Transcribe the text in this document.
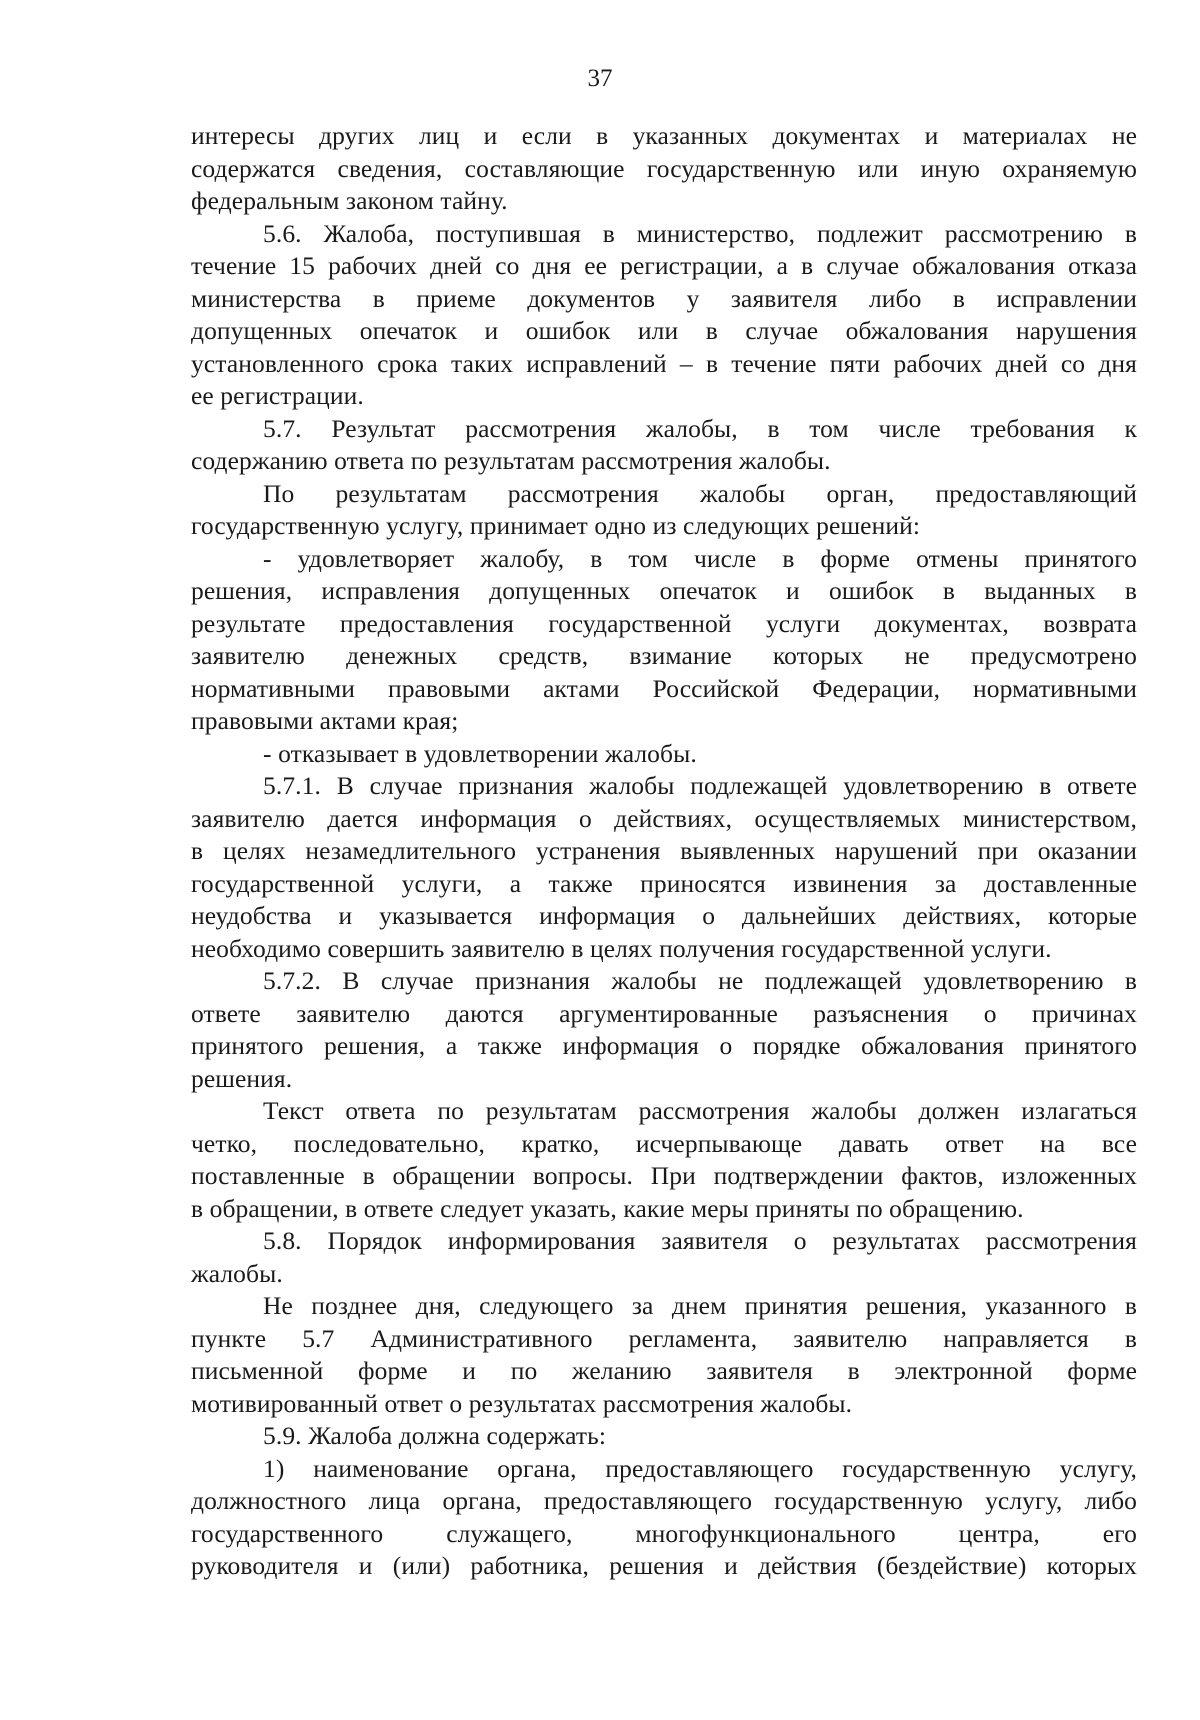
37
интересы других лиц и если в указанных документах и материалах не
содержатся сведения, составляющие государственную или иную охраняемую
федеральным законом тайну.
5.6. Жалоба, поступившая в министерство, подлежит рассмотрению в
течение 15 рабочих дней со дня ее регистрации, а в случае обжалования отказа
министерства в приеме документов у заявителя либо в исправлении
допущенных опечаток и ошибок или в случае обжалования нарушения
установленного срока таких исправлений – в течение пяти рабочих дней со дня
ее регистрации.
5.7. Результат рассмотрения жалобы, в том числе требования к
содержанию ответа по результатам рассмотрения жалобы.
По результатам рассмотрения жалобы орган, предоставляющий
государственную услугу, принимает одно из следующих решений:
- удовлетворяет жалобу, в том числе в форме отмены принятого
решения, исправления допущенных опечаток и ошибок в выданных в
результате предоставления государственной услуги документах, возврата
заявителю денежных средств, взимание которых не предусмотрено
нормативными правовыми актами Российской Федерации, нормативными
правовыми актами края;
- отказывает в удовлетворении жалобы.
5.7.1. В случае признания жалобы подлежащей удовлетворению в ответе
заявителю дается информация о действиях, осуществляемых министерством,
в целях незамедлительного устранения выявленных нарушений при оказании
государственной услуги, а также приносятся извинения за доставленные
неудобства и указывается информация о дальнейших действиях, которые
необходимо совершить заявителю в целях получения государственной услуги.
5.7.2. В случае признания жалобы не подлежащей удовлетворению в
ответе заявителю даются аргументированные разъяснения о причинах
принятого решения, а также информация о порядке обжалования принятого
решения.
Текст ответа по результатам рассмотрения жалобы должен излагаться
четко, последовательно, кратко, исчерпывающе давать ответ на все
поставленные в обращении вопросы. При подтверждении фактов, изложенных
в обращении, в ответе следует указать, какие меры приняты по обращению.
5.8. Порядок информирования заявителя о результатах рассмотрения
жалобы.
Не позднее дня, следующего за днем принятия решения, указанного в
пункте 5.7 Административного регламента, заявителю направляется в
письменной форме и по желанию заявителя в электронной форме
мотивированный ответ о результатах рассмотрения жалобы.
5.9. Жалоба должна содержать:
1) наименование органа, предоставляющего государственную услугу,
должностного лица органа, предоставляющего государственную услугу, либо
государственного служащего, многофункционального центра, его
руководителя и (или) работника, решения и действия (бездействие) которых
